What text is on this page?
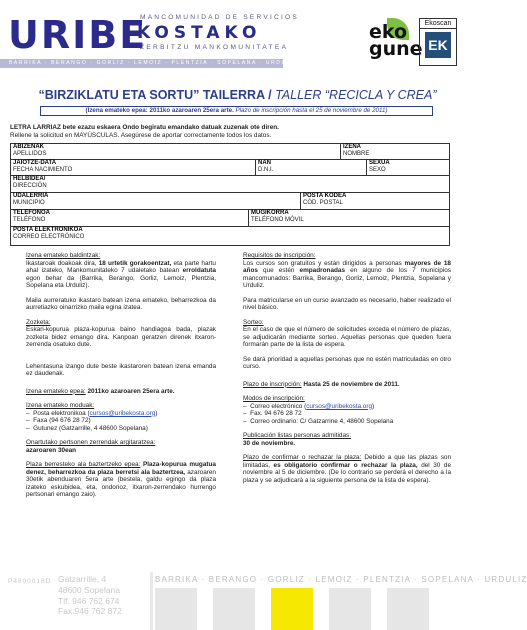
MANCOMUNIDAD DE SERVICIOS
URIBE
KOSTAKO
ZERBITZU MANKOMUNITATEA
BARRIKA · BERANGO · GORLIZ · LEMOIZ · PLENTZIA · SOPELANA · URDULIZ
eko gune
Ekoscan
EK
“BIRZIKLATU ETA SORTU” TAILERRA / TALLER “RECICLA Y CREA”
(Izena emateko epea: 2011ko azaroaren 25era arte. Plazo de inscripción hasta el 25 de noviembre de 2011)
LETRA LARRIAZ bete ezazu eskaera Ondo begiratu emandako datuak zuzenak ote diren.
Rellene la solicitud en MAYÚSCULAS. Asegúrese de aportar correctamente todos los datos.
ABIZENAK
APELLIDOS
IZENA
NOMBRE
JAIOTZE-DATA
FECHA NACIMIENTO
NAN
D.N.I.
SEXUA
SEXO
HELBIDEA/
DIRECCIÓN
UDALERRIA
MUNICIPIO
POSTA KODEA
CÓD. POSTAL
TELEFONOA
TELÉFONO
MUGIKORRA
TELÉFONO MÓVIL
POSTA ELEKTRONIKOA
CORREO ELECTRÓNICO

Izena emateko baldintzak:
Ikastaroak doakoak dira, 18 urtetik gorakoentzat, eta parte hartu ahal izateko, Mankomunitateko 7 udaletako batean erroldatuta egon behar da (Barrika, Berango, Gorliz, Lemoiz, Plentzia, Sopelana eta Urduliz).

Maila aurreratuko ikastaro batean izena emateko, beharrezkoa da aurretiazko oinarrizko maila egina izatea.

Zozketa:
Eskari-kopurua plaza-kopurua baino handiagoa bada, plazak zozketa bidez emango dira. Kanpoan geratzen direnek itxaron-zerrenda osatuko dute.

Lehentasuna izango dute beste ikastaroren batean izena emanda ez daudenak.

Izena emateko epea: 2011ko azaroaren 25era arte.

Izena emateko moduak:
–  Posta elektronikoa (cursos@uribekosta.org)
–  Faxa (94 676 28 72)
–  Gutunez (Gatzarrille, 4 48600 Sopelana)

Onartutako pertsonen zerrendak argitaratzea:
azaroaren 30ean

Plaza berresteko ala baztertzeko epea: Plaza-kopurua mugatua denez, beharrezkoa da plaza berretsi ala baztertzea, azaroaren 30etik abenduaren 5era arte (bestela, galdu egingo da plaza izateko eskubidea, eta, ondorioz, itxaron-zerrendako hurrengo pertsonari emango zaio).

Requisitos de inscripción:
Los cursos son gratuitos y están dirigidos a personas mayores de 18 años que estén empadronadas en alguno de los 7 municipios mancomunados: Barrika, Berango, Gorliz, Lemoiz, Plentzia, Sopelana y Urduliz.

Para matricularse en un curso avanzado es necesario, haber realizado el nivel básico.

Sorteo:
En el caso de que el número de solicitudes exceda el número de plazas, se adjudicarán mediante sorteo. Aquellas personas que queden fuera formarán parte de la lista de espera.

Se dará prioridad a aquellas personas que no estén matriculadas en otro curso.

Plazo de inscripción: Hasta 25 de noviembre de 2011.

Modos de inscripción:
–  Correo electrónico (cursos@uribekosta.org)
–  Fax. 94 676 28 72
–  Correo ordinario: C/ Gatzarrine 4, 48600 Sopelana

Publicación listas personas admitidas:
30 de noviembre.

Plazo de confirmar o rechazar la plaza: Debido a que las plazas son limitadas, es obligatorio confirmar o rechazar la plaza, del 30 de noviembre al 5 de diciembre. (De lo contrario se perderá el derecho a la plaza y se adjudicará a la siguiente persona de la lista de espera).

P4800018D Gatzarrille, 4
48600 Sopelana
Tlf. 946 762 674
Fax:946 762 872
BARRIKA · BERANGO · GORLIZ · LEMOIZ · PLENTZIA · SOPELANA · URDULIZ
